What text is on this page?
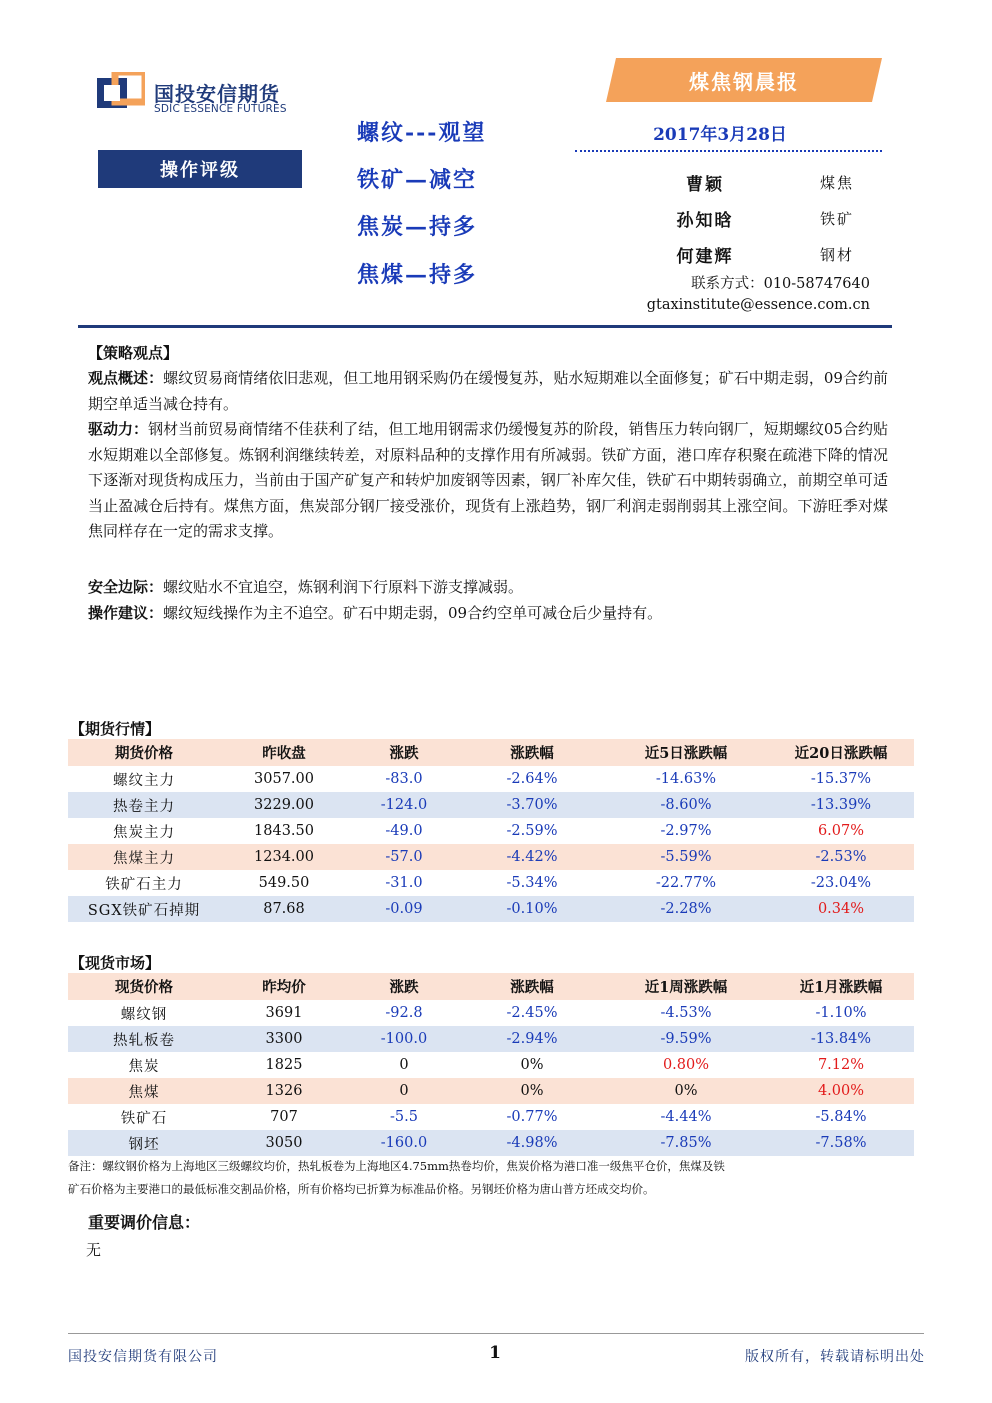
国投安信期货
SDIC ESSENCE FUTURES
操作评级
螺纹---观望
铁矿—减空
焦炭—持多
焦煤—持多
煤焦钢晨报
2017年3月28日
曹颖	煤焦
孙知晗	铁矿
何建辉	钢材
联系方式：010-58747640
gtaxinstitute@essence.com.cn
【策略观点】
观点概述：螺纹贸易商情绪依旧悲观，但工地用钢采购仍在缓慢复苏，贴水短期难以全面修复；矿石中期走弱，09合约前期空单适当减仓持有。
驱动力：钢材当前贸易商情绪不佳获利了结，但工地用钢需求仍缓慢复苏的阶段，销售压力转向钢厂，短期螺纹05合约贴水短期难以全部修复。炼钢利润继续转差，对原料品种的支撑作用有所减弱。铁矿方面，港口库存积聚在疏港下降的情况下逐渐对现货构成压力，当前由于国产矿复产和转炉加废钢等因素，钢厂补库欠佳，铁矿石中期转弱确立，前期空单可适当止盈减仓后持有。煤焦方面，焦炭部分钢厂接受涨价，现货有上涨趋势，钢厂利润走弱削弱其上涨空间。下游旺季对煤焦同样存在一定的需求支撑。
安全边际：螺纹贴水不宜追空，炼钢利润下行原料下游支撑减弱。
操作建议：螺纹短线操作为主不追空。矿石中期走弱，09合约空单可减仓后少量持有。
【期货行情】
期货价格	昨收盘	涨跌	涨跌幅	近5日涨跌幅	近20日涨跌幅
螺纹主力	3057.00	-83.0	-2.64%	-14.63%	-15.37%
热卷主力	3229.00	-124.0	-3.70%	-8.60%	-13.39%
焦炭主力	1843.50	-49.0	-2.59%	-2.97%	6.07%
焦煤主力	1234.00	-57.0	-4.42%	-5.59%	-2.53%
铁矿石主力	549.50	-31.0	-5.34%	-22.77%	-23.04%
SGX铁矿石掉期	87.68	-0.09	-0.10%	-2.28%	0.34%
【现货市场】
现货价格	昨均价	涨跌	涨跌幅	近1周涨跌幅	近1月涨跌幅
螺纹钢	3691	-92.8	-2.45%	-4.53%	-1.10%
热轧板卷	3300	-100.0	-2.94%	-9.59%	-13.84%
焦炭	1825	0	0%	0.80%	7.12%
焦煤	1326	0	0%	0%	4.00%
铁矿石	707	-5.5	-0.77%	-4.44%	-5.84%
钢坯	3050	-160.0	-4.98%	-7.85%	-7.58%
备注：螺纹钢价格为上海地区三级螺纹均价，热轧板卷为上海地区4.75mm热卷均价，焦炭价格为港口准一级焦平仓价，焦煤及铁
矿石价格为主要港口的最低标准交割品价格，所有价格均已折算为标准品价格。另钢坯价格为唐山普方坯成交均价。
重要调价信息：
无
国投安信期货有限公司	1	版权所有，转载请标明出处
